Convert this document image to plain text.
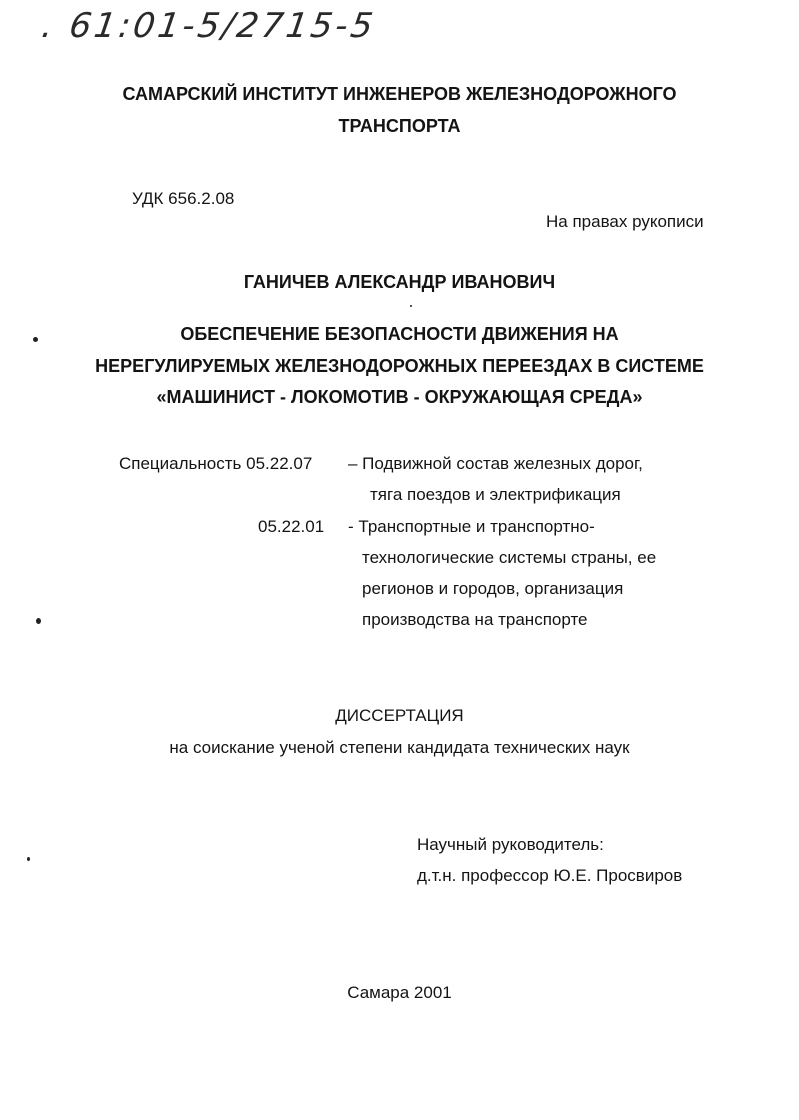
. 61:01-5/2715-5
САМАРСКИЙ ИНСТИТУТ ИНЖЕНЕРОВ ЖЕЛЕЗНОДОРОЖНОГО
ТРАНСПОРТА
УДК 656.2.08
На правах рукописи
ГАНИЧЕВ АЛЕКСАНДР ИВАНОВИЧ
ОБЕСПЕЧЕНИЕ БЕЗОПАСНОСТИ ДВИЖЕНИЯ НА
НЕРЕГУЛИРУЕМЫХ ЖЕЛЕЗНОДОРОЖНЫХ ПЕРЕЕЗДАХ В СИСТЕМЕ
«МАШИНИСТ - ЛОКОМОТИВ - ОКРУЖАЮЩАЯ СРЕДА»
Специальность 05.22.07 – Подвижной состав железных дорог,
тяга поездов и электрификация
05.22.01 - Транспортные и транспортно-
технологические системы страны, ее
регионов и городов, организация
производства на транспорте
ДИССЕРТАЦИЯ
на соискание ученой степени кандидата технических наук
Научный руководитель:
д.т.н. профессор Ю.Е. Просвиров
Самара 2001
